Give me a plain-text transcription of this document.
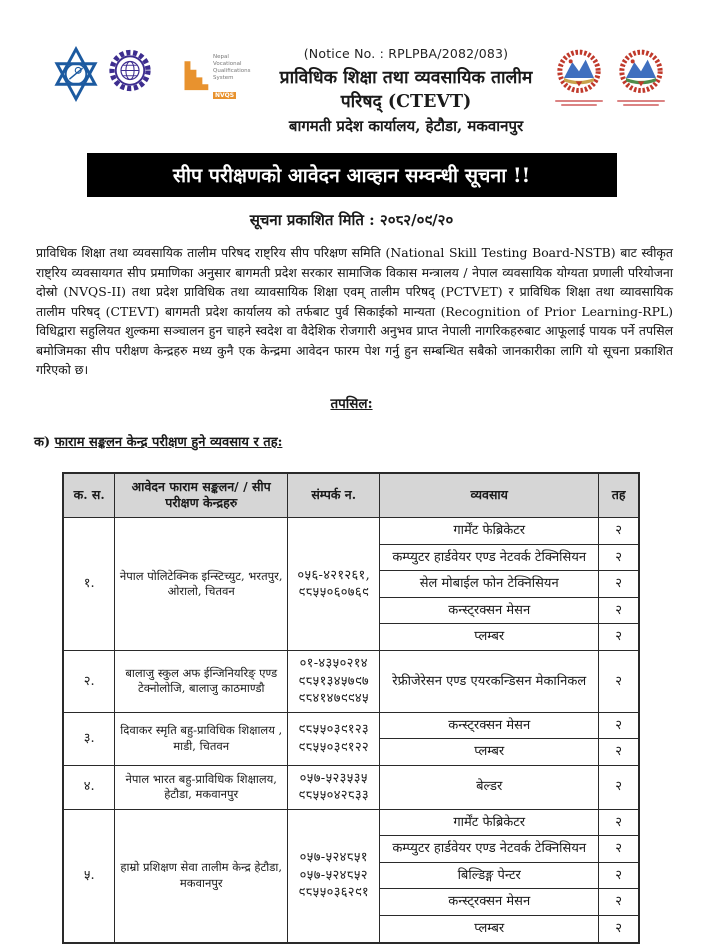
Nepal Vocational Qualifications System
NVQS
(Notice No. : RPLPBA/2082/083)
प्राविधिक शिक्षा तथा व्यवसायिक तालीम परिषद् (CTEVT)
बागमती प्रदेश कार्यालय, हेटौडा, मकवानपुर
सीप परीक्षणको आवेदन आव्हान सम्वन्धी सूचना !!
सूचना प्रकाशित मिति : २०८२/०९/२०
प्राविधिक शिक्षा तथा व्यवसायिक तालीम परिषद राष्ट्रिय सीप परिक्षण समिति (National Skill Testing Board-NSTB) बाट स्वीकृत राष्ट्रिय व्यवसायगत सीप प्रमाणिका अनुसार बागमती प्रदेश सरकार सामाजिक विकास मन्त्रालय / नेपाल व्यवसायिक योग्यता प्रणाली परियोजना दोस्रो (NVQS-II) तथा प्रदेश प्राविधिक तथा व्यावसायिक शिक्षा एवम् तालीम परिषद् (PCTVET) र प्राविधिक शिक्षा तथा व्यावसायिक तालीम परिषद् (CTEVT) बागमती प्रदेश कार्यालय को तर्फबाट पुर्व सिकाईको मान्यता (Recognition of Prior Learning-RPL) विधिद्वारा सहुलियत शुल्कमा सञ्चालन हुन चाहने स्वदेश वा वैदेशिक रोजगारी अनुभव प्राप्त नेपाली नागरिकहरुबाट आफूलाई पायक पर्ने तपसिल बमोजिमका सीप परीक्षण केन्द्रहरु मध्य कुनै एक केन्द्रमा आवेदन फारम पेश गर्नु हुन सम्बन्धित सबैको जानकारीका लागि यो सूचना प्रकाशित गरिएको छ।
तपसिल:
क) फाराम सङ्कलन केन्द्र परीक्षण हुने व्यवसाय र तह:
क. स.	आवेदन फाराम सङ्कलन/ / सीप परीक्षण केन्द्रहरु	संम्पर्क न.	व्यवसाय	तह
१.	नेपाल पोलिटेक्निक इन्स्टिच्युट, भरतपुर, ओरालो, चितवन	०५६-४२१२६१,
९८५५०६०७६९	गार्मेंट फेब्रिकेटर	२
			कम्प्युटर हार्डवेयर एण्ड नेटवर्क टेक्निसियन	२
			सेल मोबाईल फोन टेक्निसियन	२
			कन्स्ट्रक्सन मेसन	२
			प्लम्बर	२
२.	बालाजु स्कुल अफ ईन्जिनियरिङ् एण्ड टेक्नोलोजि, बालाजु काठमाण्डौ	०१-४३५०२१४
९८५१३४५७९७
९८४१४७९९४५	रेफ्रीजेरेसन एण्ड एयरकन्डिसन मेकानिकल	२
३.	दिवाकर स्मृति बहु-प्राविधिक शिक्षालय , माडी, चितवन	९८५५०३९१२३
९८५५०३९१२२	कन्स्ट्रक्सन मेसन	२
			प्लम्बर	२
४.	नेपाल भारत बहु-प्राविधिक शिक्षालय, हेटौडा, मकवानपुर	०५७-५२३५३५
९८५५०४२८३३	बेल्डर	२
५.	हाम्रो प्रशिक्षण सेवा तालीम केन्द्र हेटौडा, मकवानपुर	०५७-५२४८५१
०५७-५२४८५२
९८५५०३६२९१	गार्मेंट फेब्रिकेटर	२
			कम्प्युटर हार्डवेयर एण्ड नेटवर्क टेक्निसियन	२
			बिल्डिङ्ग पेन्टर	२
			कन्स्ट्रक्सन मेसन	२
			प्लम्बर	२
